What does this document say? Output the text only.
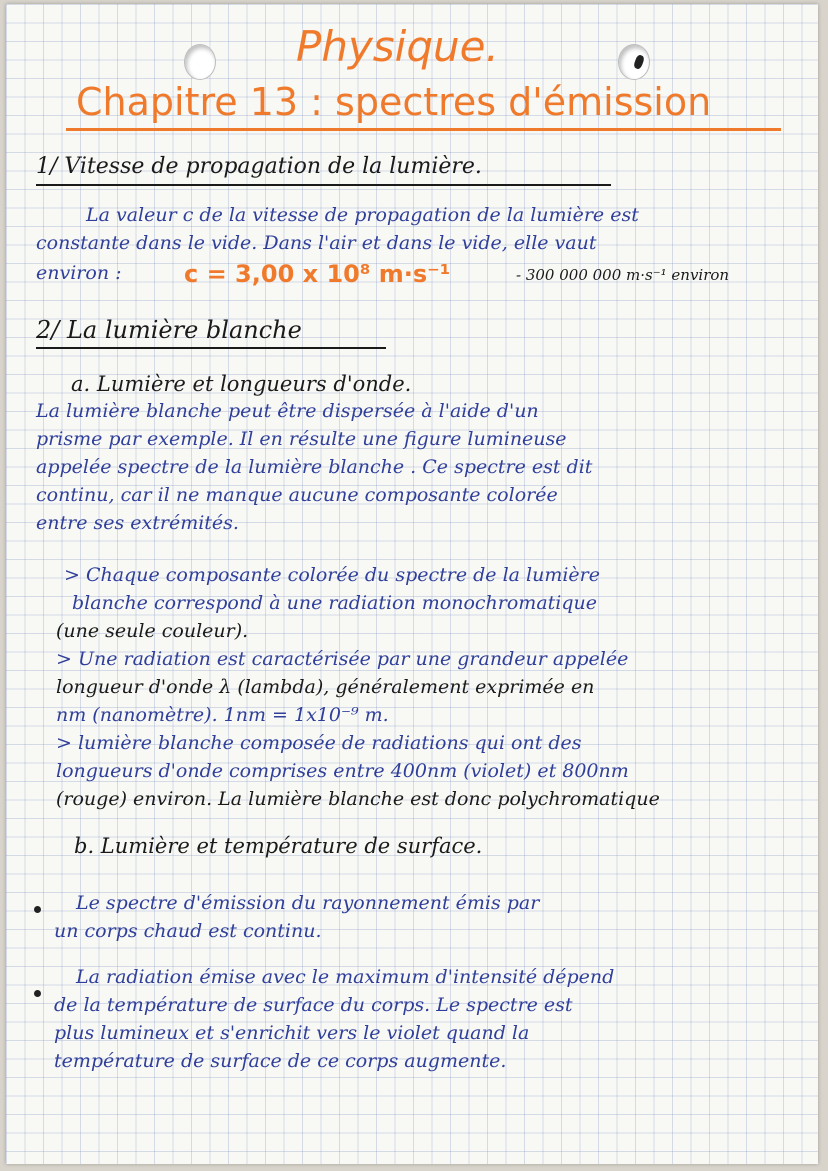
Physique.
Chapitre 13 : spectres d'émission
1/ Vitesse de propagation de la lumière.
La valeur c de la vitesse de propagation de la lumière est
constante dans le vide. Dans l'air et dans le vide, elle vaut
environ :	c = 3,00 x 10⁸ m·s⁻¹	- 300 000 000 m·s⁻¹ environ
2/ La lumière blanche
a. Lumière et longueurs d'onde.
La lumière blanche peut être dispersée à l'aide d'un
prisme par exemple. Il en résulte une figure lumineuse
appelée spectre de la lumière blanche . Ce spectre est dit
continu, car il ne manque aucune composante colorée
entre ses extrémités.
> Chaque composante colorée du spectre de la lumière
blanche correspond à une radiation monochromatique
(une seule couleur).
> Une radiation est caractérisée par une grandeur appelée
longueur d'onde λ (lambda), généralement exprimée en
nm (nanomètre). 1nm = 1x10⁻⁹ m.
> lumière blanche composée de radiations qui ont des
longueurs d'onde comprises entre 400nm (violet) et 800nm
(rouge) environ. La lumière blanche est donc polychromatique
b. Lumière et température de surface.
Le spectre d'émission du rayonnement émis par
un corps chaud est continu.
La radiation émise avec le maximum d'intensité dépend
de la température de surface du corps. Le spectre est
plus lumineux et s'enrichit vers le violet quand la
température de surface de ce corps augmente.
